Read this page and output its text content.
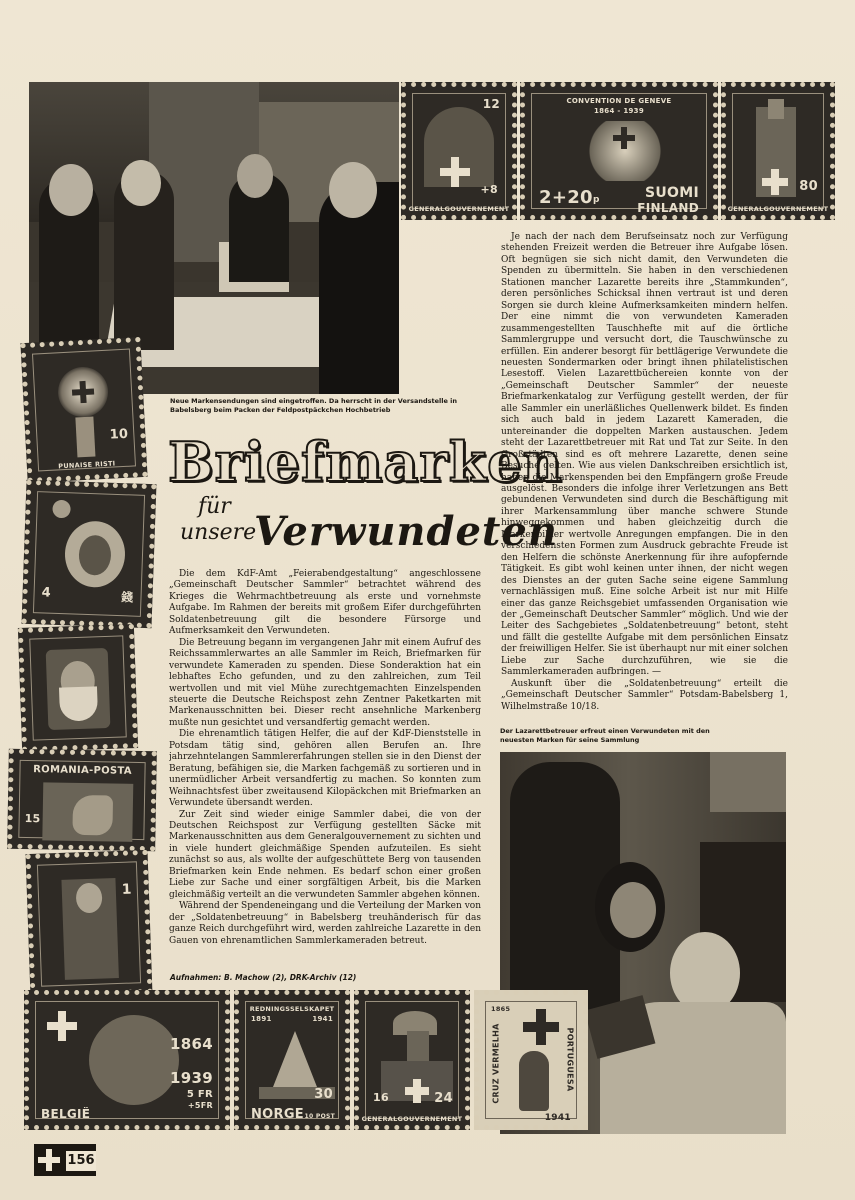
12
+8
GENERALGOUVERNEMENT
CONVENTION DE GENÈVE
1864 - 1939
2+20 p	SUOMI
FINLAND
80
GENERALGOUVERNEMENT
Neue Markensendungen sind eingetroffen. Da herrscht in der Versandstelle in Babelsberg beim Packen der Feldpostpäckchen Hochbetrieb
10
PUNAISE RISTI
4	錢
ROMANIA-POSTA
15
1
Briefmarken
für
unsere
Verwundeten

Die dem KdF-Amt „Feierabendgestaltung“ angeschlossene „Gemeinschaft Deutscher Sammler“ betrachtet während des Krieges die Wehrmachtbetreuung als erste und vornehmste Aufgabe. Im Rahmen der bereits mit großem Eifer durchgeführten Soldatenbetreuung gilt die besondere Fürsorge und Aufmerksamkeit den Verwundeten.

Die Betreuung begann im vergangenen Jahr mit einem Aufruf des Reichssammlerwartes an alle Sammler im Reich, Briefmarken für verwundete Kameraden zu spenden. Diese Sonderaktion hat ein lebhaftes Echo gefunden, und zu den zahlreichen, zum Teil wertvollen und mit viel Mühe zurechtgemachten Einzelspenden steuerte die Deutsche Reichspost zehn Zentner Paketkarten mit Markenausschnitten bei. Dieser recht ansehnliche Markenberg mußte nun gesichtet und versandfertig gemacht werden.

Die ehrenamtlich tätigen Helfer, die auf der KdF-Dienststelle in Potsdam tätig sind, gehören allen Berufen an. Ihre jahrzehntelangen Sammlererfahrungen stellen sie in den Dienst der Beratung, befähigen sie, die Marken fachgemäß zu sortieren und in unermüdlicher Arbeit versandfertig zu machen. So konnten zum Weihnachtsfest über zweitausend Kilopäckchen mit Briefmarken an Verwundete übersandt werden.

Zur Zeit sind wieder einige Sammler dabei, die von der Deutschen Reichspost zur Verfügung gestellten Säcke mit Markenausschnitten aus dem Generalgouvernement zu sichten und in viele hundert gleichmäßige Spenden aufzuteilen. Es sieht zunächst so aus, als wollte der aufgeschüttete Berg von tausenden Briefmarken kein Ende nehmen. Es bedarf schon einer großen Liebe zur Sache und einer sorgfältigen Arbeit, bis die Marken gleichmäßig verteilt an die verwundeten Sammler abgehen können.

Während der Spendeneingang und die Verteilung der Marken von der „Soldatenbetreuung“ in Babelsberg treuhänderisch für das ganze Reich durchgeführt wird, werden zahlreiche Lazarette in den Gauen von ehrenamtlichen Sammlerkameraden betreut.

Je nach der nach dem Berufseinsatz noch zur Verfügung stehenden Freizeit werden die Betreuer ihre Aufgabe lösen. Oft begnügen sie sich nicht damit, den Verwundeten die Spenden zu übermitteln. Sie haben in den verschiedenen Stationen mancher Lazarette bereits ihre „Stammkunden“, deren persönliches Schicksal ihnen vertraut ist und deren Sorgen sie durch kleine Aufmerksamkeiten mindern helfen. Der eine nimmt die von verwundeten Kameraden zusammengestellten Tauschhefte mit auf die örtliche Sammlergruppe und versucht dort, die Tauschwünsche zu erfüllen. Ein anderer besorgt für bettlägerige Verwundete die neuesten Sondermarken oder bringt ihnen philatelistischen Lesestoff. Vielen Lazarettbüchereien konnte von der „Gemeinschaft Deutscher Sammler“ der neueste Briefmarkenkatalog zur Verfügung gestellt werden, der für alle Sammler ein unerläßliches Quellenwerk bildet. Es finden sich auch bald in jedem Lazarett Kameraden, die untereinander die doppelten Marken austauschen. Jedem steht der Lazarettbetreuer mit Rat und Tat zur Seite. In den Großstädten sind es oft mehrere Lazarette, denen seine Besuche gelten. Wie aus vielen Dankschreiben ersichtlich ist, haben die Markenspenden bei den Empfängern große Freude ausgelöst. Besonders die infolge ihrer Verletzungen ans Bett gebundenen Verwundeten sind durch die Beschäftigung mit ihrer Markensammlung über manche schwere Stunde hinweggekommen und haben gleichzeitig durch die Markenbilder wertvolle Anregungen empfangen. Die in den verschiedensten Formen zum Ausdruck gebrachte Freude ist den Helfern die schönste Anerkennung für ihre aufopfernde Tätigkeit. Es gibt wohl keinen unter ihnen, der nicht wegen des Dienstes an der guten Sache seine eigene Sammlung vernachlässigen muß. Eine solche Arbeit ist nur mit Hilfe einer das ganze Reichsgebiet umfassenden Organisation wie der „Gemeinschaft Deutscher Sammler“ möglich. Und wie der Leiter des Sachgebietes „Soldatenbetreuung“ betont, steht und fällt die gestellte Aufgabe mit dem persönlichen Einsatz der freiwilligen Helfer. Sie ist überhaupt nur mit einer solchen Liebe zur Sache durchzuführen, wie sie die Sammlerkameraden aufbringen. —

Auskunft über die „Soldatenbetreuung“ erteilt die „Gemeinschaft Deutscher Sammler“ Potsdam-Babelsberg 1, Wilhelmstraße 10/18.

Der Lazarettbetreuer erfreut einen Verwundeten mit den neuesten Marken für seine Sammlung
Aufnahmen: B. Machow (2), DRK-Archiv (12)
1864
1939
5 FR
+5FR
BELGIË
REDNINGSSELSKAPET
1891	1941
30
NORGE 10 POST
16	24
GENERALGOUVERNEMENT
1865
CRUZ VERMELHA	PORTUGUESA
1941
156
